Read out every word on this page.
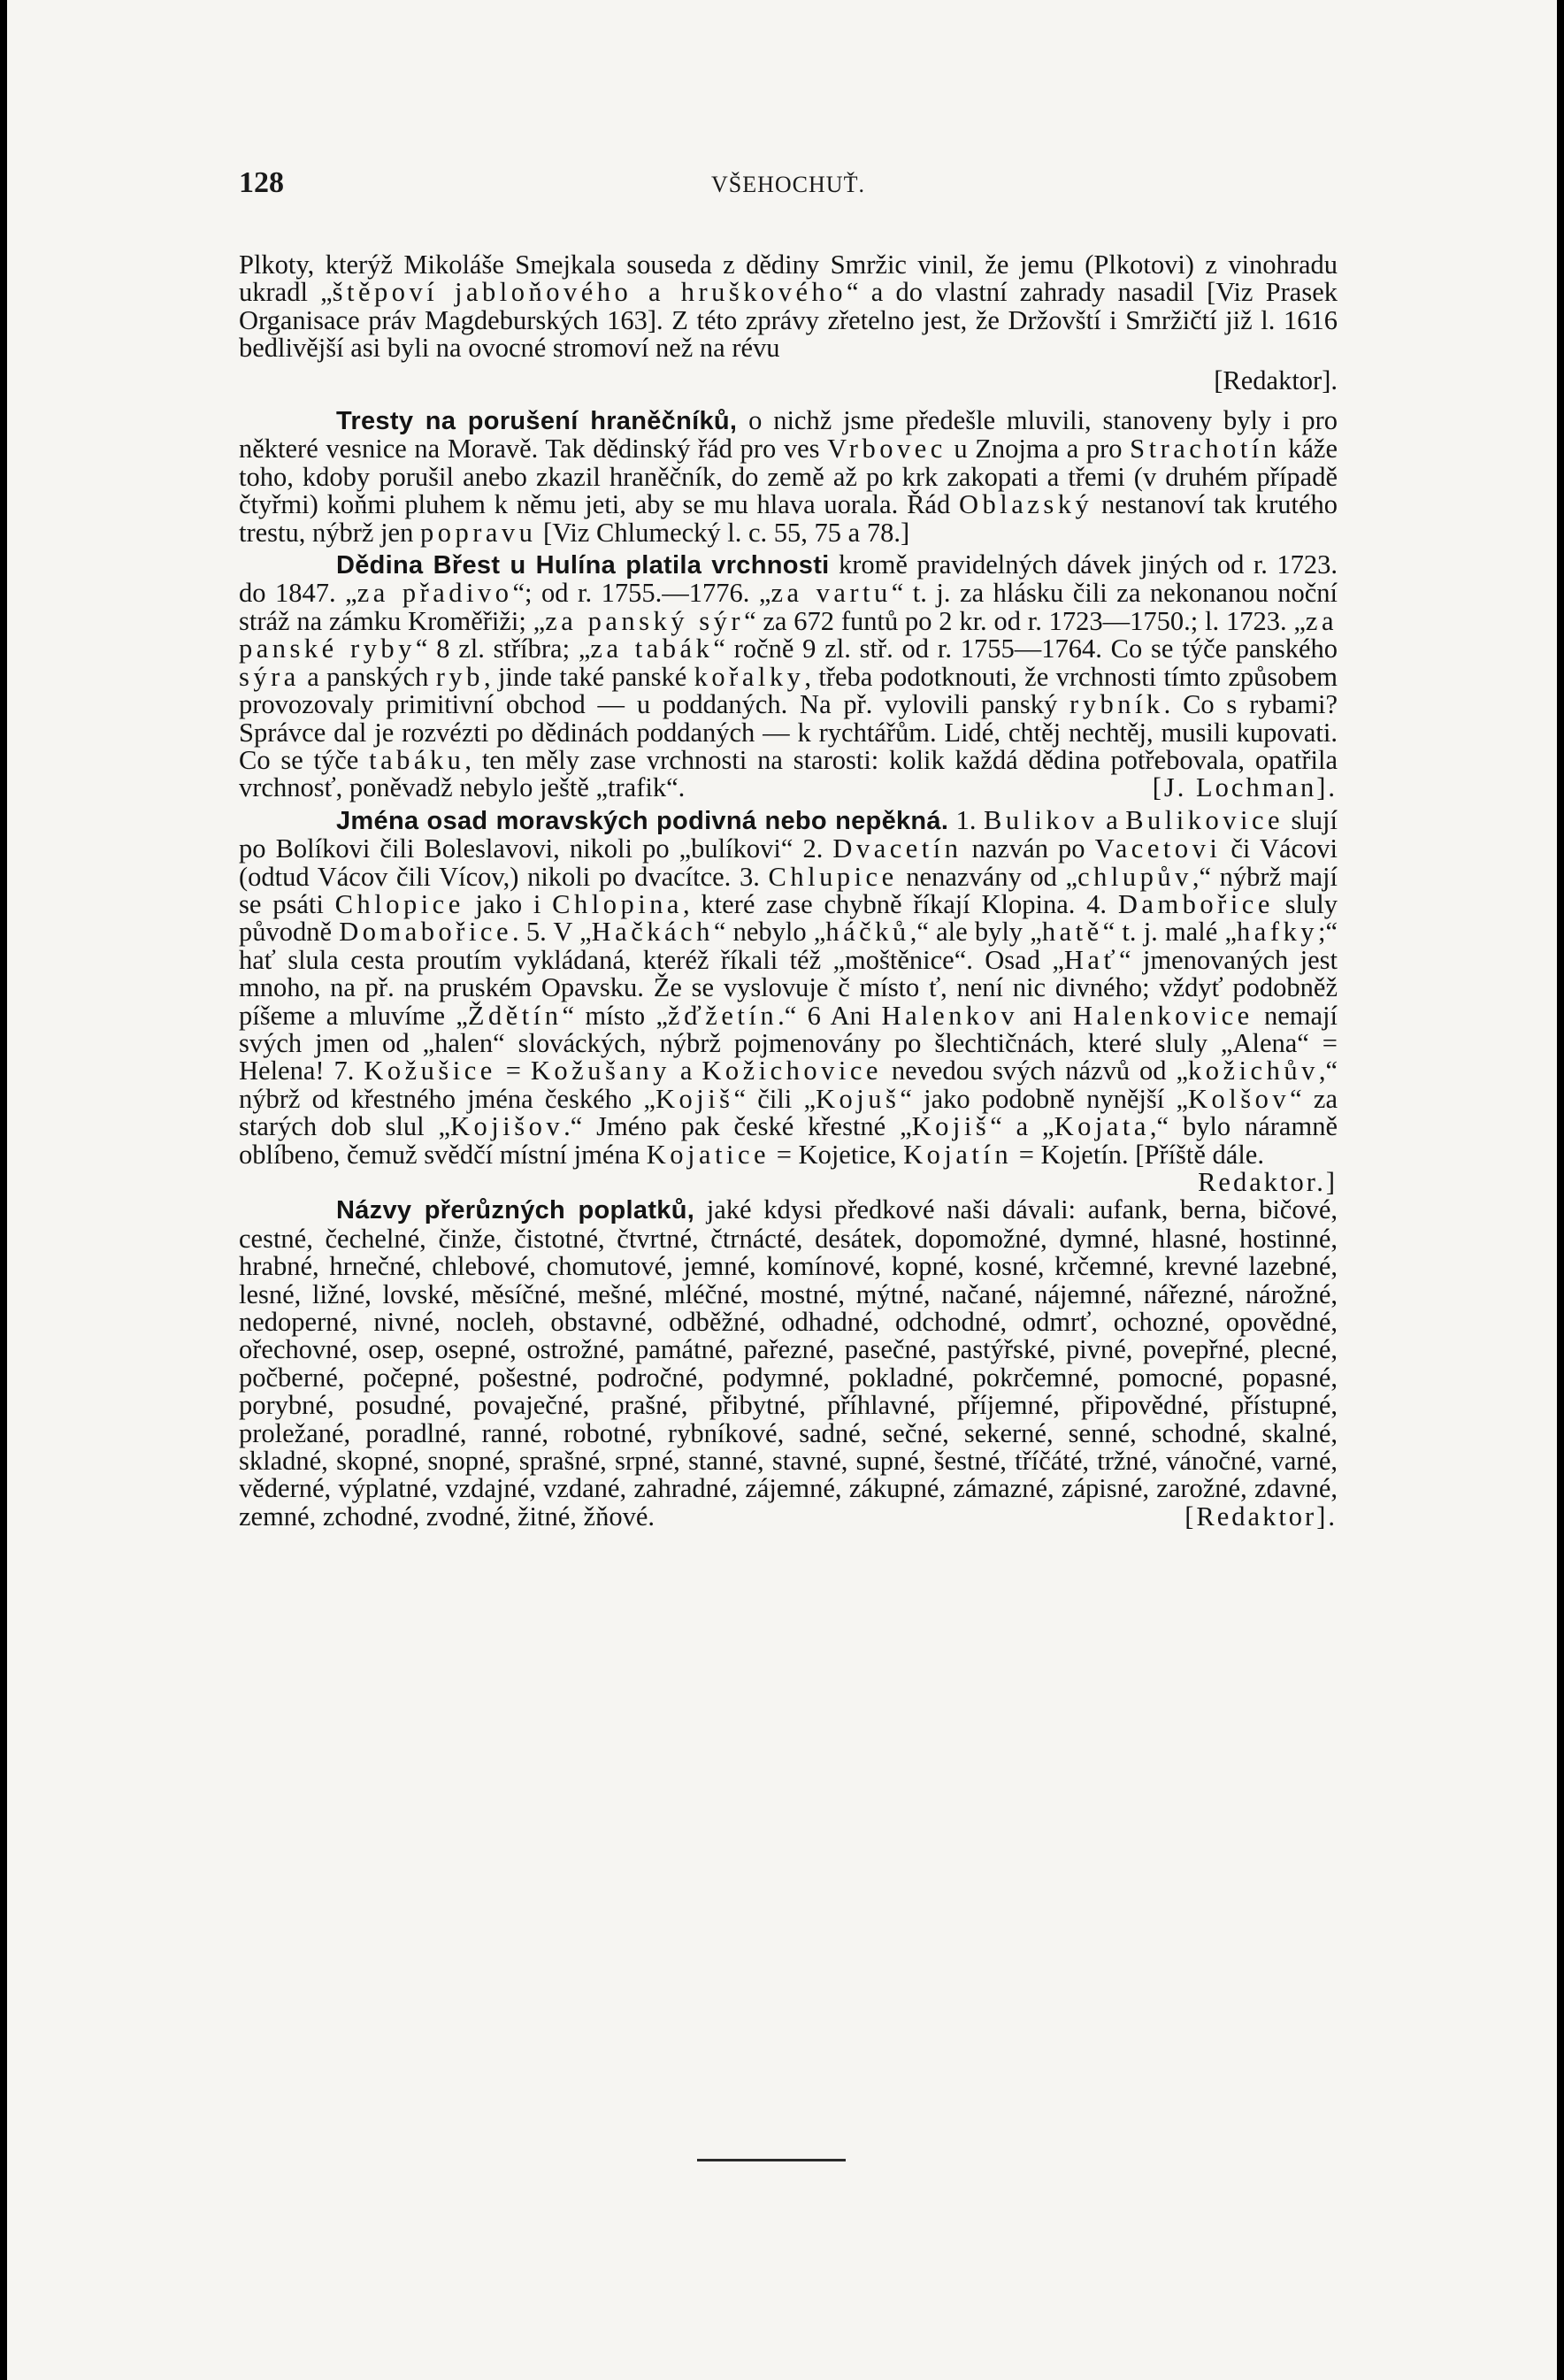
128	VŠEHOCHUŤ.

Plkoty, kterýž Mikoláše Smejkala souseda z dědiny Smržic vinil, že jemu (Plkotovi) z vinohradu ukradl „štěpoví jabloňového a hruškového“ a do vlastní zahrady nasadil [Viz Prasek Organisace práv Magdeburských 163]. Z této zprávy zřetelno jest, že Držovští i Smržičtí již l. 1616 bedlivější asi byli na ovocné stromoví než na révu

[Redaktor].

Tresty na porušení hraněčníků, o nichž jsme předešle mluvili, stanoveny byly i pro některé vesnice na Moravě. Tak dědinský řád pro ves Vrbovec u Znojma a pro Strachotín káže toho, kdoby porušil anebo zkazil hraněčník, do země až po krk zakopati a třemi (v druhém případě čtyřmi) koňmi pluhem k němu jeti, aby se mu hlava uorala. Řád Oblazský nestanoví tak krutého trestu, nýbrž jen popravu [Viz Chlumecký l. c. 55, 75 a 78.]

Dědina Břest u Hulína platila vrchnosti kromě pravidelných dávek jiných od r. 1723. do 1847. „za přadivo“; od r. 1755.—1776. „za vartu“ t. j. za hlásku čili za nekonanou noční stráž na zámku Kroměřiži; „za panský sýr“ za 672 funtů po 2 kr. od r. 1723—1750.; l. 1723. „za panské ryby“ 8 zl. stříbra; „za tabák“ ročně 9 zl. stř. od r. 1755—1764. Co se týče panského sýra a panských ryb, jinde také panské kořalky, třeba podotknouti, že vrchnosti tímto způsobem provozovaly primitivní obchod — u poddaných. Na př. vylovili panský rybník. Co s rybami? Správce dal je rozvézti po dědinách poddaných — k rychtářům. Lidé, chtěj nechtěj, musili kupovati. Co se týče tabáku, ten měly zase vrchnosti na starosti: kolik každá dědina potřebovala, opatřila vrchnosť, poněvadž nebylo ještě „trafik“.	[J. Lochman].

Jména osad moravských podivná nebo nepěkná. 1. Bulikov a Bulikovice slují po Bolíkovi čili Boleslavovi, nikoli po „bulíkovi“ 2. Dvacetín nazván po Vacetovi či Vácovi (odtud Vácov čili Vícov,) nikoli po dvacítce. 3. Chlupice nenazvány od „chlupův,“ nýbrž mají se psáti Chlopice jako i Chlopina, které zase chybně říkají Klopina. 4. Dambořice sluly původně Domabořice. 5. V „Hačkách“ nebylo „háčků,“ ale byly „hatě“ t. j. malé „hafky;“ hať slula cesta proutím vykládaná, kteréž říkali též „moštěnice“. Osad „Hať“ jmenovaných jest mnoho, na př. na pruském Opavsku. Že se vyslovuje č místo ť, není nic divného; vždyť podobněž píšeme a mluvíme „Ždětín“ místo „žďžetín.“ 6 Ani Halenkov ani Halenkovice nemají svých jmen od „halen“ slováckých, nýbrž pojmenovány po šlechtičnách, které sluly „Alena“ = Helena! 7. Kožušice = Kožušany a Kožichovice nevedou svých názvů od „kožichův,“ nýbrž od křestného jména českého „Kojiš“ čili „Kojuš“ jako podobně nynější „Kolšov“ za starých dob slul „Kojišov.“ Jméno pak české křestné „Kojiš“ a „Kojata,“ bylo náramně oblíbeno, čemuž svědčí místní jména Kojatice = Kojetice, Kojatín = Kojetín. [Příště dále.
Redaktor.]

Názvy přerůzných poplatků, jaké kdysi předkové naši dávali: aufank, berna, bičové, cestné, čechelné, činže, čistotné, čtvrtné, čtrnácté, desátek, dopomožné, dymné, hlasné, hostinné, hrabné, hrnečné, chlebové, chomutové, jemné, komínové, kopné, kosné, krčemné, krevné lazebné, lesné, ližné, lovské, měsíčné, mešné, mléčné, mostné, mýtné, načané, nájemné, nářezné, nárožné, nedoperné, nivné, nocleh, obstavné, odběžné, odhadné, odchodné, odmrť, ochozné, opovědné, ořechovné, osep, osepné, ostrožné, památné, pařezné, pasečné, pastýřské, pivné, povepřné, plecné, počberné, počepné, pošestné, področné, podymné, pokladné, pokrčemné, pomocné, popasné, porybné, posudné, povaječné, prašné, přibytné, příhlavné, příjemné, připovědné, přístupné, proležané, poradlné, ranné, robotné, rybníkové, sadné, sečné, sekerné, senné, schodné, skalné, skladné, skopné, snopné, sprašné, srpné, stanné, stavné, supné, šestné, tříčáté, tržné, vánočné, varné, věderné, výplatné, vzdajné, vzdané, zahradné, zájemné, zákupné, zámazné, zápisné, zarožné, zdavné, zemné, zchodné, zvodné, žitné, žňové.	[Redaktor].
